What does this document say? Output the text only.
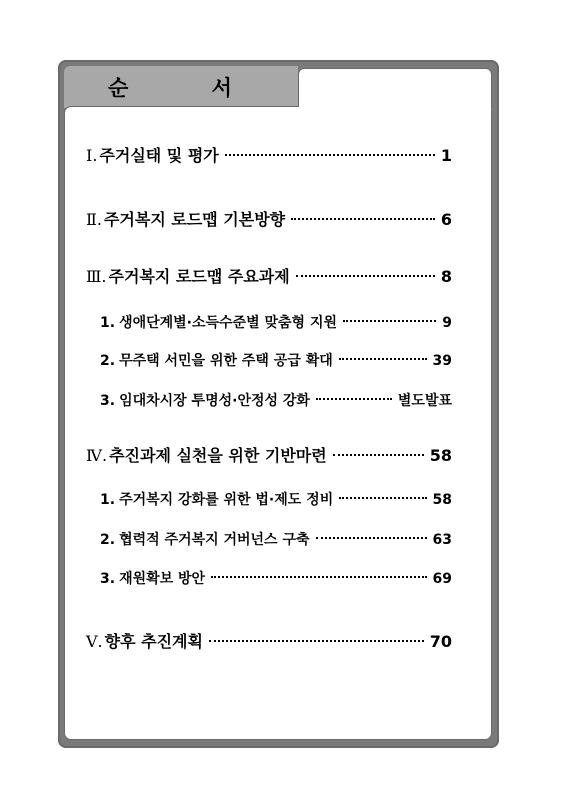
순 서
Ⅰ. 주거실태 및 평가	1
Ⅱ. 주거복지 로드맵 기본방향	6
Ⅲ. 주거복지 로드맵 주요과제	8
1. 생애단계별·소득수준별 맞춤형 지원	9
2. 무주택 서민을 위한 주택 공급 확대	39
3. 임대차시장 투명성·안정성 강화	별도발표
Ⅳ. 추진과제 실천을 위한 기반마련	58
1. 주거복지 강화를 위한 법·제도 정비	58
2. 협력적 주거복지 거버넌스 구축	63
3. 재원확보 방안	69
Ⅴ. 향후 추진계획	70
